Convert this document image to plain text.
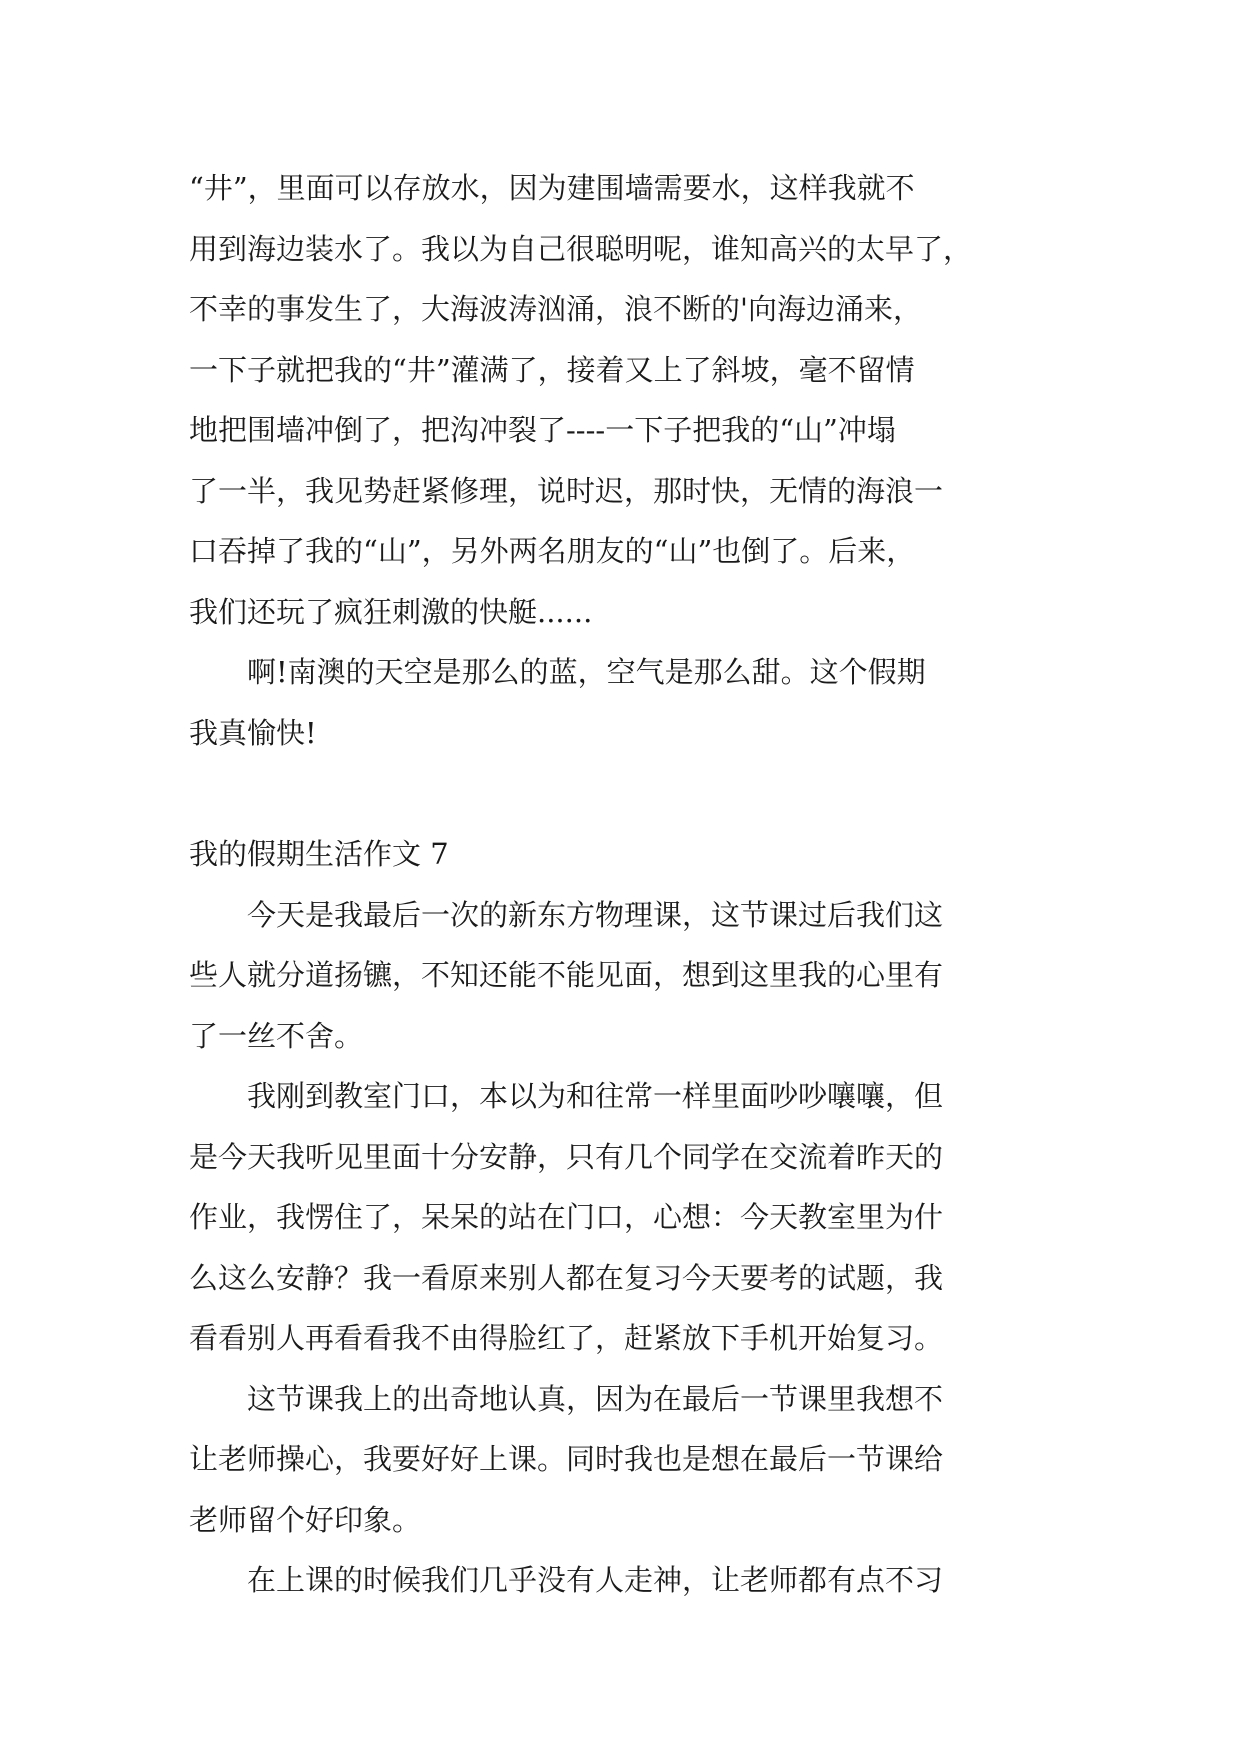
“井”，里面可以存放水，因为建围墙需要水，这样我就不
用到海边装水了。我以为自己很聪明呢，谁知高兴的太早了，
不幸的事发生了，大海波涛汹涌，浪不断的'向海边涌来，
一下子就把我的“井”灌满了，接着又上了斜坡，毫不留情
地把围墙冲倒了，把沟冲裂了----一下子把我的“山”冲塌
了一半，我见势赶紧修理，说时迟，那时快，无情的海浪一
口吞掉了我的“山”，另外两名朋友的“山”也倒了。后来，
我们还玩了疯狂刺激的快艇......
　　啊!南澳的天空是那么的蓝，空气是那么甜。这个假期
我真愉快!
我的假期生活作文 7
　　今天是我最后一次的新东方物理课，这节课过后我们这
些人就分道扬镳，不知还能不能见面，想到这里我的心里有
了一丝不舍。
　　我刚到教室门口，本以为和往常一样里面吵吵嚷嚷，但
是今天我听见里面十分安静，只有几个同学在交流着昨天的
作业，我愣住了，呆呆的站在门口，心想：今天教室里为什
么这么安静？我一看原来别人都在复习今天要考的试题，我
看看别人再看看我不由得脸红了，赶紧放下手机开始复习。
　　这节课我上的出奇地认真，因为在最后一节课里我想不
让老师操心，我要好好上课。同时我也是想在最后一节课给
老师留个好印象。
　　在上课的时候我们几乎没有人走神，让老师都有点不习
